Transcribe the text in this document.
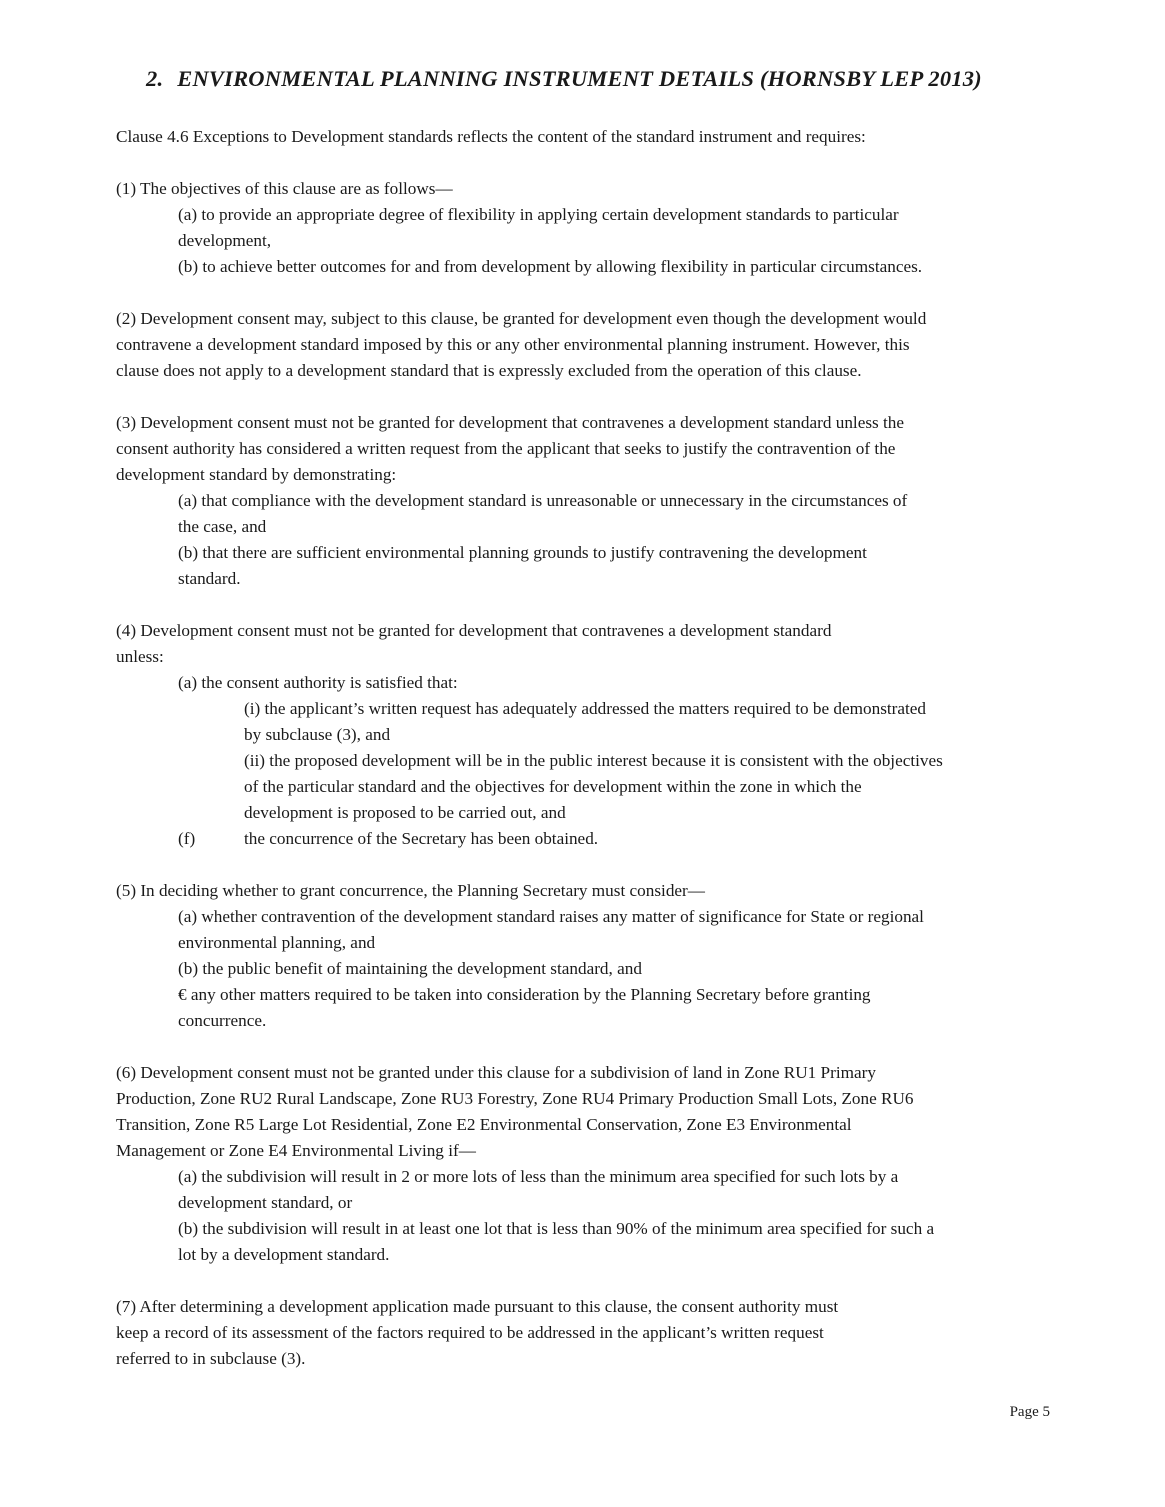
2. ENVIRONMENTAL PLANNING INSTRUMENT DETAILS (HORNSBY LEP 2013)
Clause 4.6 Exceptions to Development standards reflects the content of the standard instrument and requires:
(1) The objectives of this clause are as follows—
(a) to provide an appropriate degree of flexibility in applying certain development standards to particular
development,
(b) to achieve better outcomes for and from development by allowing flexibility in particular circumstances.
(2) Development consent may, subject to this clause, be granted for development even though the development would
contravene a development standard imposed by this or any other environmental planning instrument. However, this
clause does not apply to a development standard that is expressly excluded from the operation of this clause.
(3) Development consent must not be granted for development that contravenes a development standard unless the
consent authority has considered a written request from the applicant that seeks to justify the contravention of the
development standard by demonstrating:
(a) that compliance with the development standard is unreasonable or unnecessary in the circumstances of
the case, and
(b) that there are sufficient environmental planning grounds to justify contravening the development
standard.
(4) Development consent must not be granted for development that contravenes a development standard
unless:
(a) the consent authority is satisfied that:
(i) the applicant’s written request has adequately addressed the matters required to be demonstrated
by subclause (3), and
(ii) the proposed development will be in the public interest because it is consistent with the objectives
of the particular standard and the objectives for development within the zone in which the
development is proposed to be carried out, and
(f)	the concurrence of the Secretary has been obtained.
(5) In deciding whether to grant concurrence, the Planning Secretary must consider—
(a) whether contravention of the development standard raises any matter of significance for State or regional
environmental planning, and
(b) the public benefit of maintaining the development standard, and
€ any other matters required to be taken into consideration by the Planning Secretary before granting
concurrence.
(6) Development consent must not be granted under this clause for a subdivision of land in Zone RU1 Primary
Production, Zone RU2 Rural Landscape, Zone RU3 Forestry, Zone RU4 Primary Production Small Lots, Zone RU6
Transition, Zone R5 Large Lot Residential, Zone E2 Environmental Conservation, Zone E3 Environmental
Management or Zone E4 Environmental Living if—
(a) the subdivision will result in 2 or more lots of less than the minimum area specified for such lots by a
development standard, or
(b) the subdivision will result in at least one lot that is less than 90% of the minimum area specified for such a
lot by a development standard.
(7) After determining a development application made pursuant to this clause, the consent authority must
keep a record of its assessment of the factors required to be addressed in the applicant’s written request
referred to in subclause (3).
Page 5
